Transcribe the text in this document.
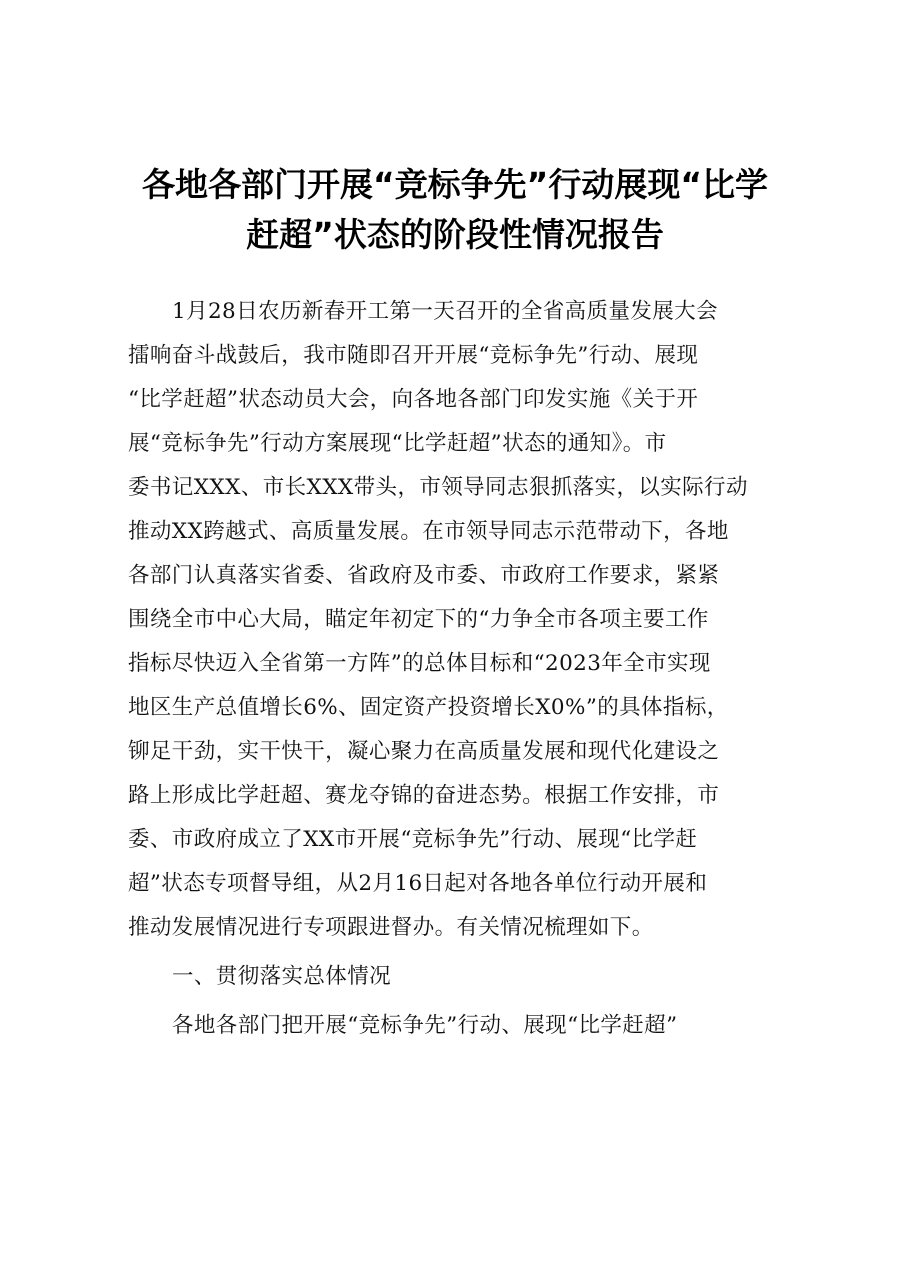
各地各部门开展“竞标争先”行动展现“比学
赶超”状态的阶段性情况报告
1月28日农历新春开工第一天召开的全省高质量发展大会
擂响奋斗战鼓后，我市随即召开开展“竞标争先”行动、展现
“比学赶超”状态动员大会，向各地各部门印发实施《关于开
展“竞标争先”行动方案展现“比学赶超”状态的通知》。市
委书记XXX、市长XXX带头，市领导同志狠抓落实，以实际行动
推动XX跨越式、高质量发展。在市领导同志示范带动下，各地
各部门认真落实省委、省政府及市委、市政府工作要求，紧紧
围绕全市中心大局，瞄定年初定下的“力争全市各项主要工作
指标尽快迈入全省第一方阵”的总体目标和“2023年全市实现
地区生产总值增长6%、固定资产投资增长X0%”的具体指标，
铆足干劲，实干快干，凝心聚力在高质量发展和现代化建设之
路上形成比学赶超、赛龙夺锦的奋进态势。根据工作安排，市
委、市政府成立了XX市开展“竞标争先”行动、展现“比学赶
超”状态专项督导组，从2月16日起对各地各单位行动开展和
推动发展情况进行专项跟进督办。有关情况梳理如下。
一、贯彻落实总体情况
各地各部门把开展“竞标争先”行动、展现“比学赶超”
